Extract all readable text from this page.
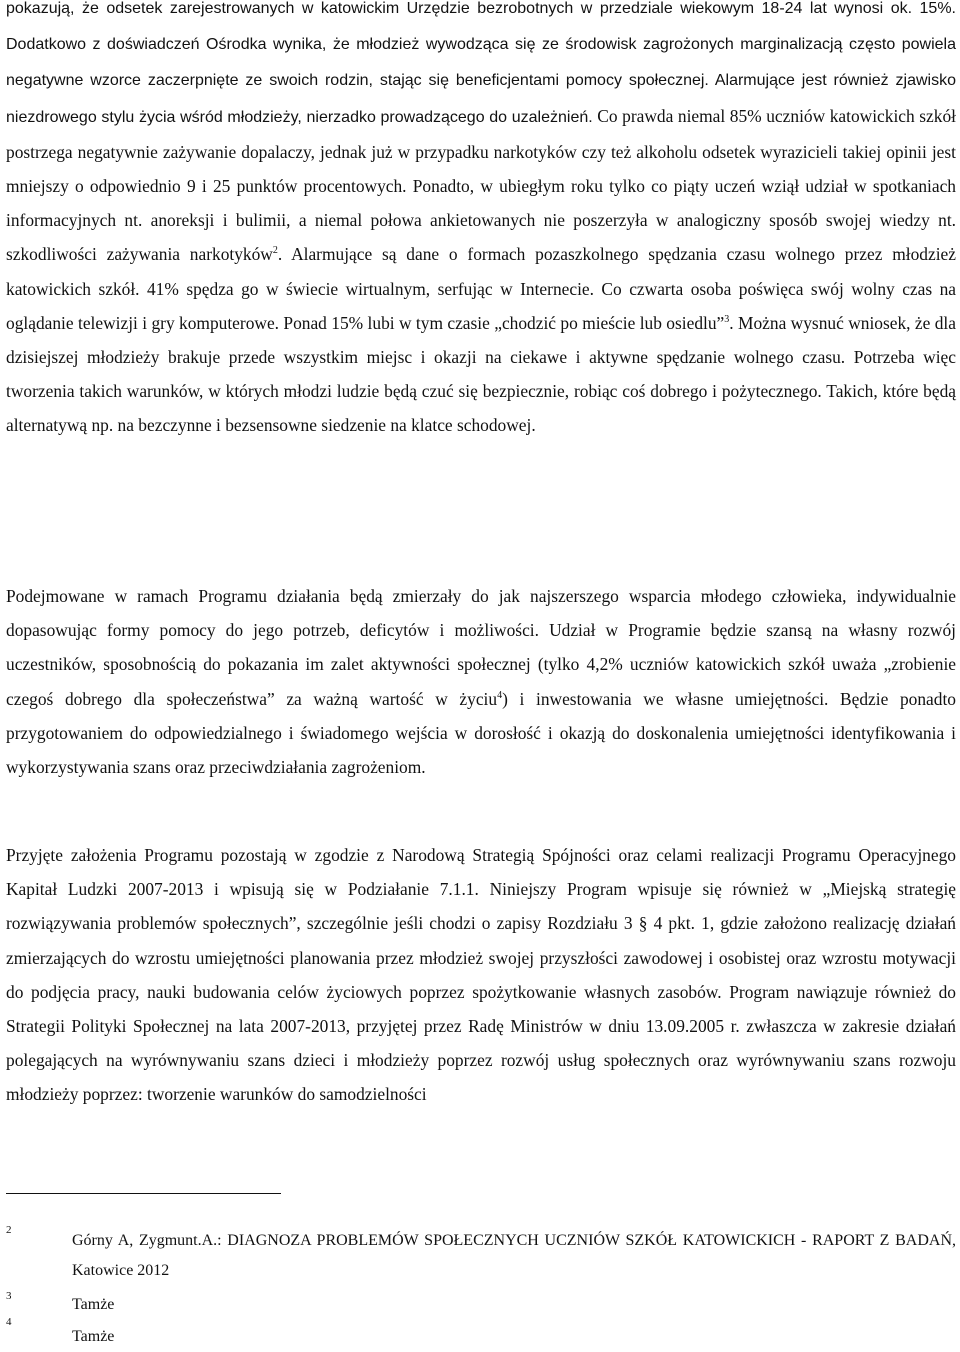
pokazują, że odsetek zarejestrowanych w katowickim Urzędzie bezrobotnych w przedziale wiekowym 18-24 lat wynosi ok. 15%. Dodatkowo z doświadczeń Ośrodka wynika, że młodzież wywodząca się ze środowisk zagrożonych marginalizacją często powiela negatywne wzorce zaczerpnięte ze swoich rodzin, stając się beneficjentami pomocy społecznej. Alarmujące jest również zjawisko niezdrowego stylu życia wśród młodzieży, nierzadko prowadzącego do uzależnień. Co prawda niemal 85% uczniów katowickich szkół postrzega negatywnie zażywanie dopalaczy, jednak już w przypadku narkotyków czy też alkoholu odsetek wyrazicieli takiej opinii jest mniejszy o odpowiednio 9 i 25 punktów procentowych. Ponadto, w ubiegłym roku tylko co piąty uczeń wziął udział w spotkaniach informacyjnych nt. anoreksji i bulimii, a niemal połowa ankietowanych nie poszerzyła w analogiczny sposób swojej wiedzy nt. szkodliwości zażywania narkotyków$^2$. Alarmujące są dane o formach pozaszkolnego spędzania czasu wolnego przez młodzież katowickich szkół. 41% spędza go w świecie wirtualnym, serfując w Internecie. Co czwarta osoba poświęca swój wolny czas na oglądanie telewizji i gry komputerowe. Ponad 15% lubi w tym czasie „chodzić po mieście lub osiedlu”$^3$. Można wysnuć wniosek, że dla dzisiejszej młodzieży brakuje przede wszystkim miejsc i okazji na ciekawe i aktywne spędzanie wolnego czasu. Potrzeba więc tworzenia takich warunków, w których młodzi ludzie będą czuć się bezpiecznie, robiąc coś dobrego i pożytecznego. Takich, które będą alternatywą np. na bezczynne i bezsensowne siedzenie na klatce schodowej.

Podejmowane w ramach Programu działania będą zmierzały do jak najszerszego wsparcia młodego człowieka, indywidualnie dopasowując formy pomocy do jego potrzeb, deficytów i możliwości. Udział w Programie będzie szansą na własny rozwój uczestników, sposobnością do pokazania im zalet aktywności społecznej (tylko 4,2% uczniów katowickich szkół uważa „zrobienie czegoś dobrego dla społeczeństwa” za ważną wartość w życiu$^4$) i inwestowania we własne umiejętności. Będzie ponadto przygotowaniem do odpowiedzialnego i świadomego wejścia w dorosłość i okazją do doskonalenia umiejętności identyfikowania i wykorzystywania szans oraz przeciwdziałania zagrożeniom.

Przyjęte założenia Programu pozostają w zgodzie z Narodową Strategią Spójności oraz celami realizacji Programu Operacyjnego Kapitał Ludzki 2007-2013 i wpisują się w Podziałanie 7.1.1. Niniejszy Program wpisuje się również w „Miejską strategię rozwiązywania problemów społecznych”, szczególnie jeśli chodzi o zapisy Rozdziału 3 § 4 pkt. 1, gdzie założono realizację działań zmierzających do wzrostu umiejętności planowania przez młodzież swojej przyszłości zawodowej i osobistej oraz wzrostu motywacji do podjęcia pracy, nauki budowania celów życiowych poprzez spożytkowanie własnych zasobów. Program nawiązuje również do Strategii Polityki Społecznej na lata 2007-2013, przyjętej przez Radę Ministrów w dniu 13.09.2005 r. zwłaszcza w zakresie działań polegających na wyrównywaniu szans dzieci i młodzieży poprzez rozwój usług społecznych oraz wyrównywaniu szans rozwoju młodzieży poprzez: tworzenie warunków do samodzielności

2
Górny A, Zygmunt.A.: DIAGNOZA PROBLEMÓW SPOŁECZNYCH UCZNIÓW SZKÓŁ KATOWICKICH - RAPORT Z BADAŃ, Katowice 2012
3	Tamże
4
Tamże
